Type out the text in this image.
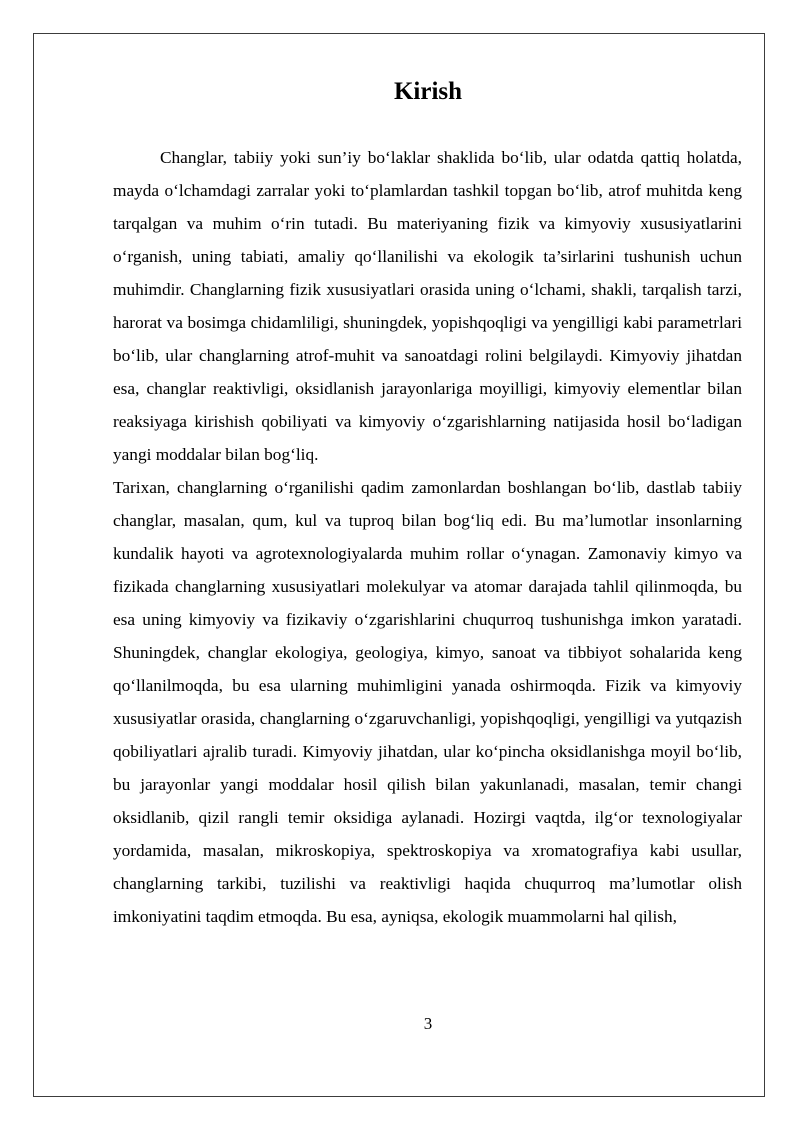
Kirish

Changlar, tabiiy yoki sun’iy bo‘laklar shaklida bo‘lib, ular odatda qattiq holatda, mayda o‘lchamdagi zarralar yoki to‘plamlardan tashkil topgan bo‘lib, atrof muhitda keng tarqalgan va muhim o‘rin tutadi. Bu materiyaning fizik va kimyoviy xususiyatlarini o‘rganish, uning tabiati, amaliy qo‘llanilishi va ekologik ta’sirlarini tushunish uchun muhimdir. Changlarning fizik xususiyatlari orasida uning o‘lchami, shakli, tarqalish tarzi, harorat va bosimga chidamliligi, shuningdek, yopishqoqligi va yengilligi kabi parametrlari bo‘lib, ular changlarning atrof-muhit va sanoatdagi rolini belgilaydi. Kimyoviy jihatdan esa, changlar reaktivligi, oksidlanish jarayonlariga moyilligi, kimyoviy elementlar bilan reaksiyaga kirishish qobiliyati va kimyoviy o‘zgarishlarning natijasida hosil bo‘ladigan yangi moddalar bilan bog‘liq.

Tarixan, changlarning o‘rganilishi qadim zamonlardan boshlangan bo‘lib, dastlab tabiiy changlar, masalan, qum, kul va tuproq bilan bog‘liq edi. Bu ma’lumotlar insonlarning kundalik hayoti va agrotexnologiyalarda muhim rollar o‘ynagan. Zamonaviy kimyo va fizikada changlarning xususiyatlari molekulyar va atomar darajada tahlil qilinmoqda, bu esa uning kimyoviy va fizikaviy o‘zgarishlarini chuqurroq tushunishga imkon yaratadi. Shuningdek, changlar ekologiya, geologiya, kimyo, sanoat va tibbiyot sohalarida keng qo‘llanilmoqda, bu esa ularning muhimligini yanada oshirmoqda. Fizik va kimyoviy xususiyatlar orasida, changlarning o‘zgaruvchanligi, yopishqoqligi, yengilligi va yutqazish qobiliyatlari ajralib turadi. Kimyoviy jihatdan, ular ko‘pincha oksidlanishga moyil bo‘lib, bu jarayonlar yangi moddalar hosil qilish bilan yakunlanadi, masalan, temir changi oksidlanib, qizil rangli temir oksidiga aylanadi. Hozirgi vaqtda, ilg‘or texnologiyalar yordamida, masalan, mikroskopiya, spektroskopiya va xromatografiya kabi usullar, changlarning tarkibi, tuzilishi va reaktivligi haqida chuqurroq ma’lumotlar olish imkoniyatini taqdim etmoqda. Bu esa, ayniqsa, ekologik muammolarni hal qilish,

3
